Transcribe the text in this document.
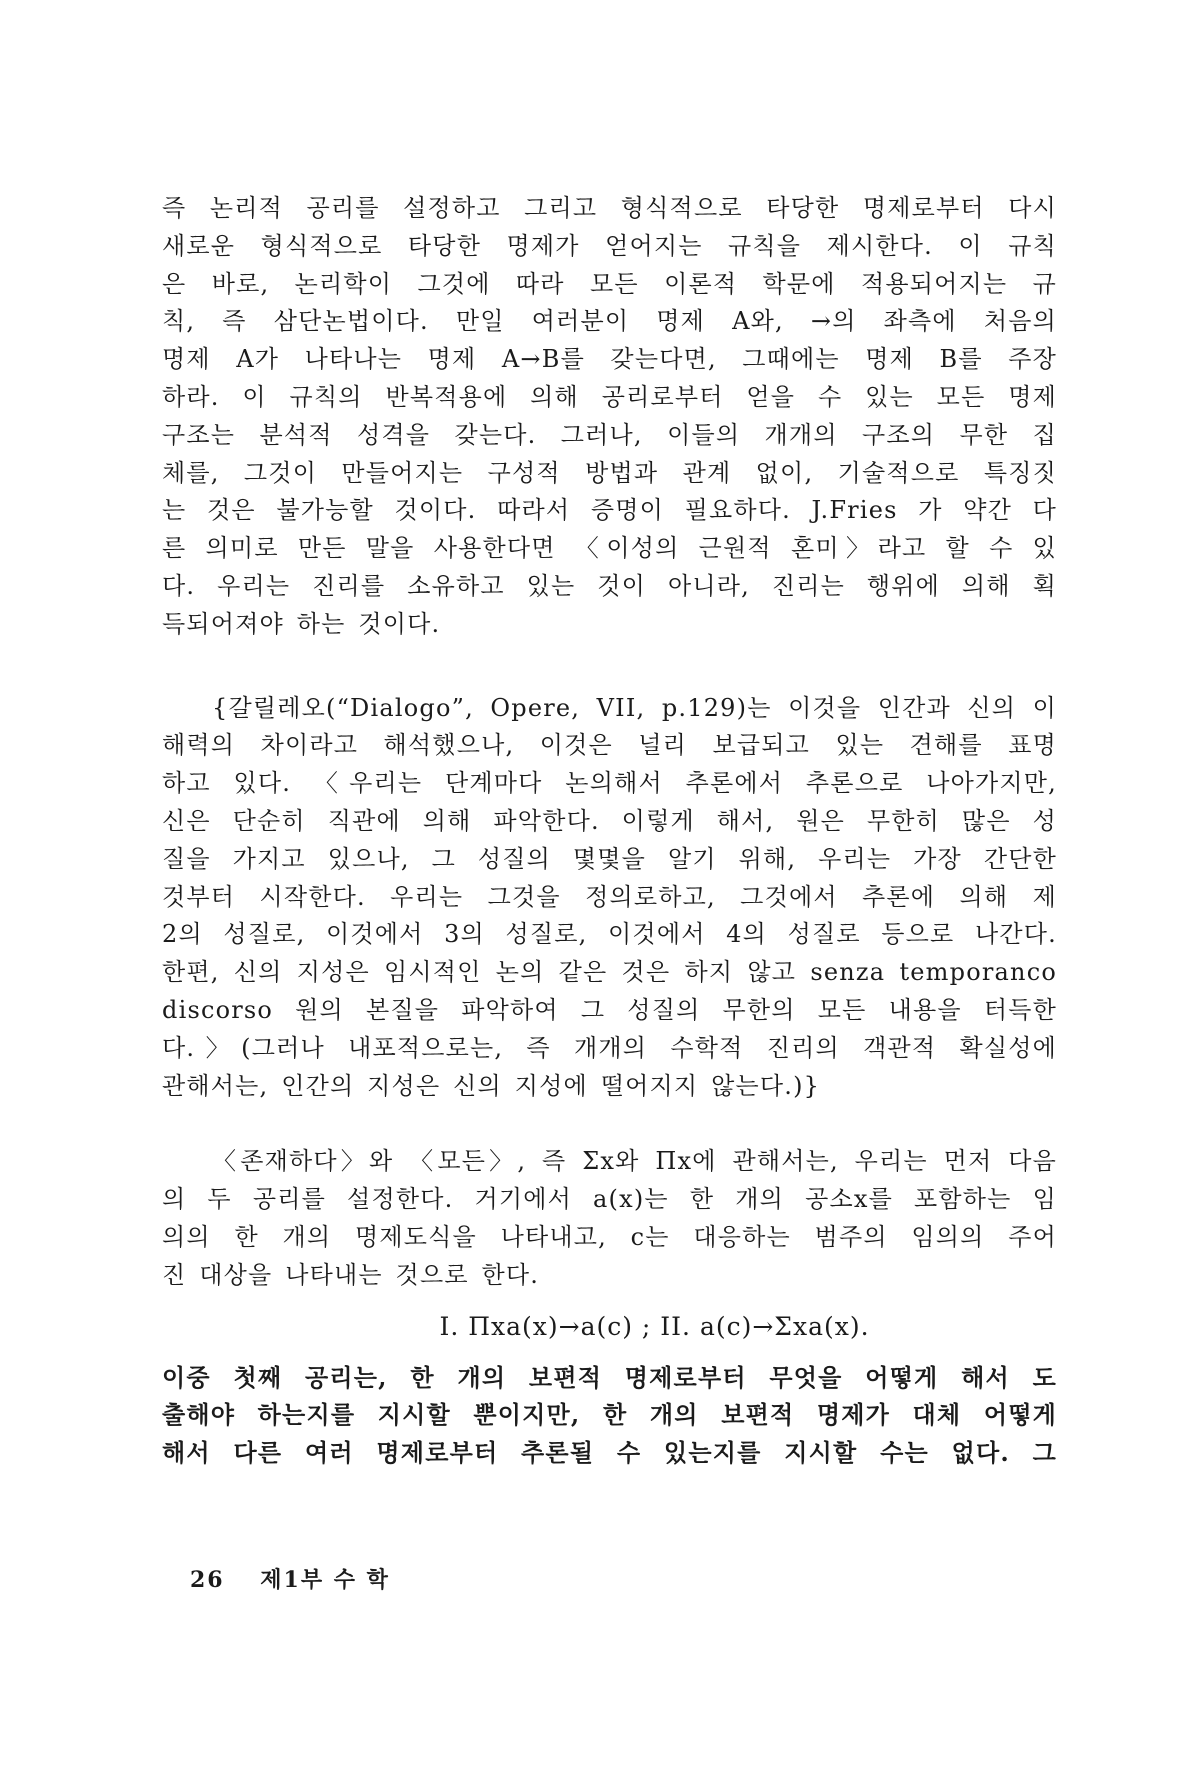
즉 논리적 공리를 설정하고 그리고 형식적으로 타당한 명제로부터 다시
새로운 형식적으로 타당한 명제가 얻어지는 규칙을 제시한다. 이 규칙
은 바로, 논리학이 그것에 따라 모든 이론적 학문에 적용되어지는 규
칙, 즉 삼단논법이다. 만일 여러분이 명제 A와, →의 좌측에 처음의
명제 A가 나타나는 명제 A→B를 갖는다면, 그때에는 명제 B를 주장
하라. 이 규칙의 반복적용에 의해 공리로부터 얻을 수 있는 모든 명제
구조는 분석적 성격을 갖는다. 그러나, 이들의 개개의 구조의 무한 집
체를, 그것이 만들어지는 구성적 방법과 관계 없이, 기술적으로 특징짓
는 것은 불가능할 것이다. 따라서 증명이 필요하다. J.Fries 가 약간 다
른 의미로 만든 말을 사용한다면 〈이성의 근원적 혼미〉라고 할 수 있
다. 우리는 진리를 소유하고 있는 것이 아니라, 진리는 행위에 의해 획
득되어져야 하는 것이다.
{갈릴레오(“Dialogo”, Opere, VII, p.129)는 이것을 인간과 신의 이
해력의 차이라고 해석했으나, 이것은 널리 보급되고 있는 견해를 표명
하고 있다. 〈우리는 단계마다 논의해서 추론에서 추론으로 나아가지만,
신은 단순히 직관에 의해 파악한다. 이렇게 해서, 원은 무한히 많은 성
질을 가지고 있으나, 그 성질의 몇몇을 알기 위해, 우리는 가장 간단한
것부터 시작한다. 우리는 그것을 정의로하고, 그것에서 추론에 의해 제
2의 성질로, 이것에서 3의 성질로, 이것에서 4의 성질로 등으로 나간다.
한편, 신의 지성은 임시적인 논의 같은 것은 하지 않고 senza temporanco
discorso 원의 본질을 파악하여 그 성질의 무한의 모든 내용을 터득한
다.〉(그러나 내포적으로는, 즉 개개의 수학적 진리의 객관적 확실성에
관해서는, 인간의 지성은 신의 지성에 떨어지지 않는다.)}
〈존재하다〉와 〈모든〉, 즉 Σx와 Πx에 관해서는, 우리는 먼저 다음
의 두 공리를 설정한다. 거기에서 a(x)는 한 개의 공소x를 포함하는 임
의의 한 개의 명제도식을 나타내고, c는 대응하는 범주의 임의의 주어
진 대상을 나타내는 것으로 한다.
I. Πxa(x)→a(c) ; II. a(c)→Σxa(x).
이중 첫째 공리는, 한 개의 보편적 명제로부터 무엇을 어떻게 해서 도
출해야 하는지를 지시할 뿐이지만, 한 개의 보편적 명제가 대체 어떻게
해서 다른 여러 명제로부터 추론될 수 있는지를 지시할 수는 없다. 그
26 제1부 수 학
